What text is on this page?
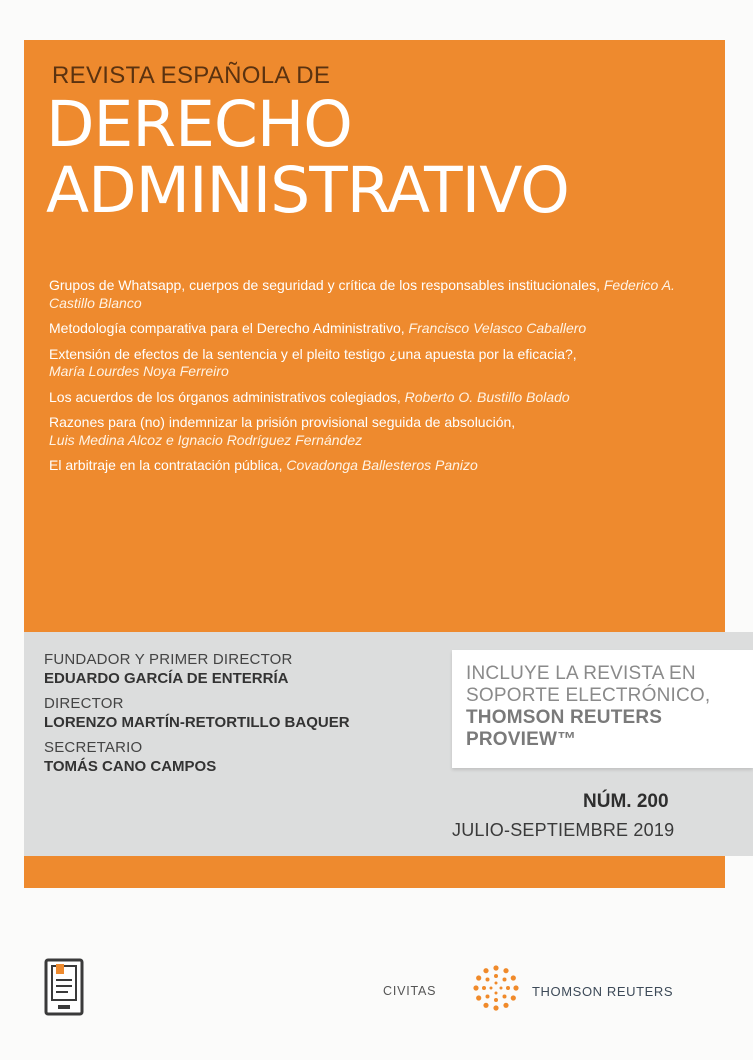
REVISTA ESPAÑOLA DE
DERECHO
ADMINISTRATIVO
Grupos de Whatsapp, cuerpos de seguridad y crítica de los responsables institucionales, Federico A. Castillo Blanco
Metodología comparativa para el Derecho Administrativo, Francisco Velasco Caballero
Extensión de efectos de la sentencia y el pleito testigo ¿una apuesta por la eficacia?,
María Lourdes Noya Ferreiro
Los acuerdos de los órganos administrativos colegiados, Roberto O. Bustillo Bolado
Razones para (no) indemnizar la prisión provisional seguida de absolución,
Luis Medina Alcoz e Ignacio Rodríguez Fernández
El arbitraje en la contratación pública, Covadonga Ballesteros Panizo
FUNDADOR Y PRIMER DIRECTOR
EDUARDO GARCÍA DE ENTERRÍA
DIRECTOR
LORENZO MARTÍN-RETORTILLO BAQUER
SECRETARIO
TOMÁS CANO CAMPOS
INCLUYE LA REVISTA EN
SOPORTE ELECTRÓNICO,
THOMSON REUTERS
PROVIEW™
NÚM. 200
JULIO-SEPTIEMBRE 2019
CIVITAS	THOMSON REUTERS
